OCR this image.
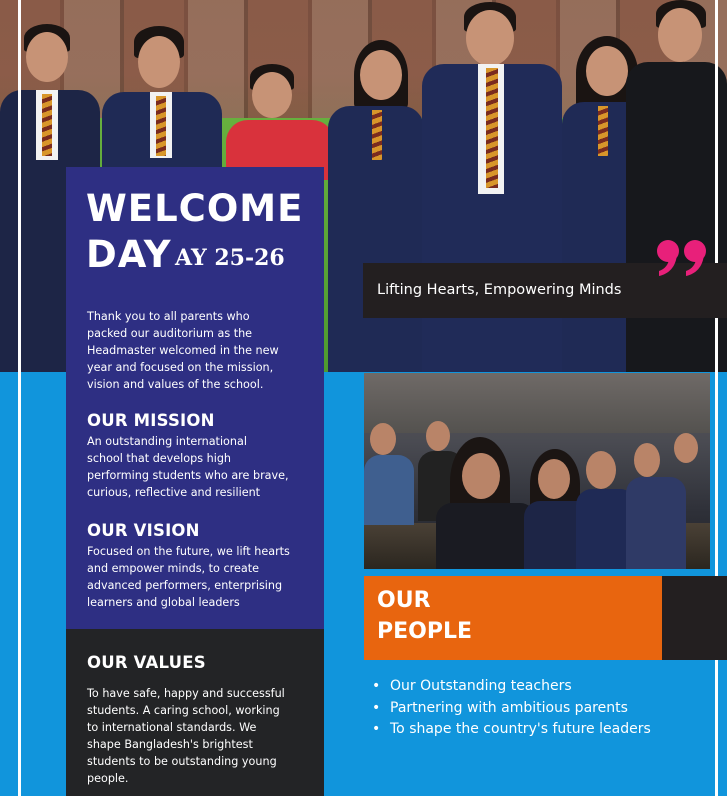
WELCOME
DAY AY 25-26
Thank you to all parents who
packed our auditorium as the
Headmaster welcomed in the new
year and focused on the mission,
vision and values of the school.
OUR MISSION
An outstanding international
school that develops high
performing students who are brave,
curious, reflective and resilient
OUR VISION
Focused on the future, we lift hearts
and empower minds, to create
advanced performers, enterprising
learners and global leaders
OUR VALUES
To have safe, happy and successful
students. A caring school, working
to international standards. We
shape Bangladesh's brightest
students to be outstanding young
people.
Lifting Hearts, Empowering Minds
OUR
PEOPLE
• Our Outstanding teachers
• Partnering with ambitious parents
• To shape the country's future leaders
